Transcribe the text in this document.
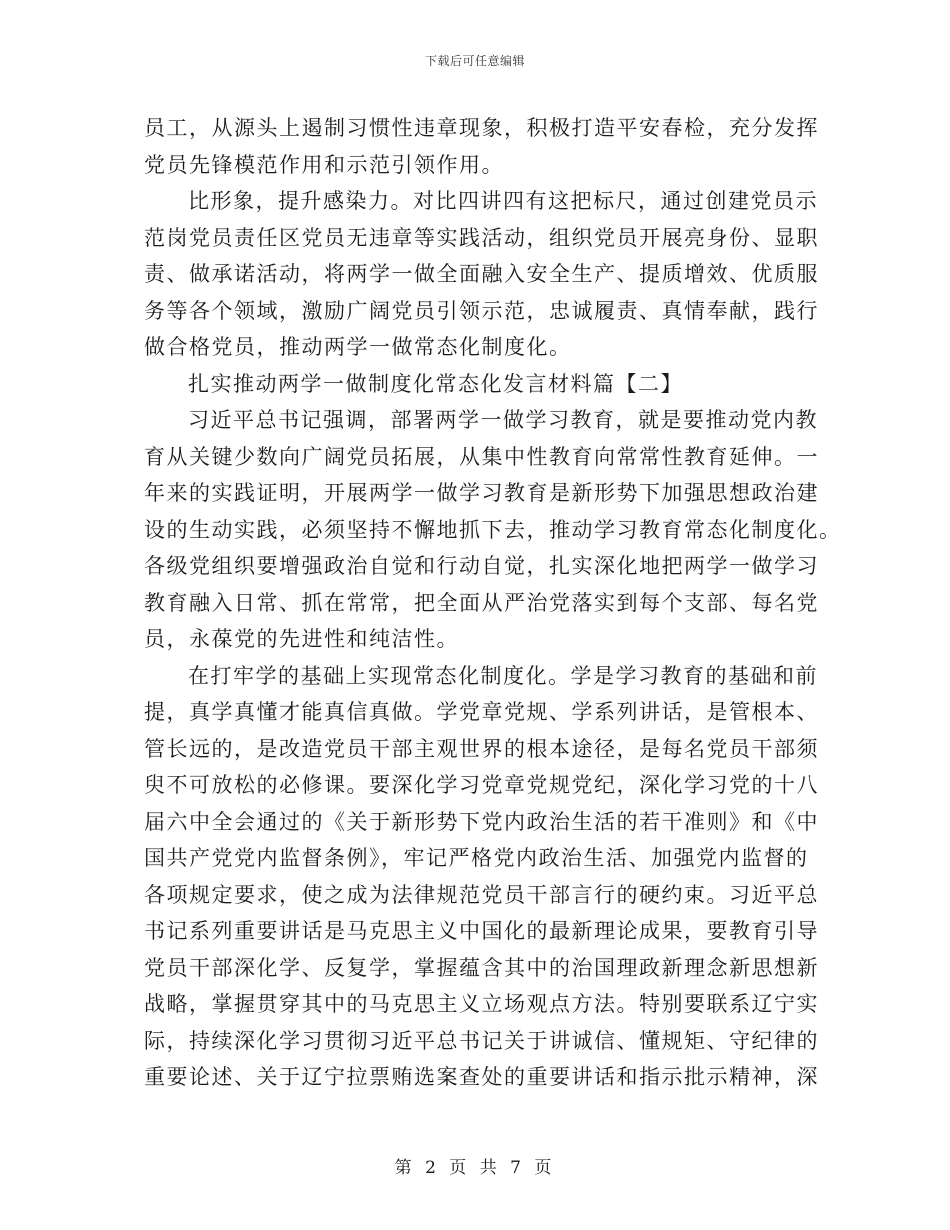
下载后可任意编辑
员工，从源头上遏制习惯性违章现象，积极打造平安春检，充分发挥
党员先锋模范作用和示范引领作用。
比形象，提升感染力。对比四讲四有这把标尺，通过创建党员示
范岗党员责任区党员无违章等实践活动，组织党员开展亮身份、显职
责、做承诺活动，将两学一做全面融入安全生产、提质增效、优质服
务等各个领域，激励广阔党员引领示范，忠诚履责、真情奉献，践行
做合格党员，推动两学一做常态化制度化。
扎实推动两学一做制度化常态化发言材料篇【二】
习近平总书记强调，部署两学一做学习教育，就是要推动党内教
育从关键少数向广阔党员拓展，从集中性教育向常常性教育延伸。一
年来的实践证明，开展两学一做学习教育是新形势下加强思想政治建
设的生动实践，必须坚持不懈地抓下去，推动学习教育常态化制度化。
各级党组织要增强政治自觉和行动自觉，扎实深化地把两学一做学习
教育融入日常、抓在常常，把全面从严治党落实到每个支部、每名党
员，永葆党的先进性和纯洁性。
在打牢学的基础上实现常态化制度化。学是学习教育的基础和前
提，真学真懂才能真信真做。学党章党规、学系列讲话，是管根本、
管长远的，是改造党员干部主观世界的根本途径，是每名党员干部须
臾不可放松的必修课。要深化学习党章党规党纪，深化学习党的十八
届六中全会通过的《关于新形势下党内政治生活的若干准则》和《中
国共产党党内监督条例》，牢记严格党内政治生活、加强党内监督的
各项规定要求，使之成为法律规范党员干部言行的硬约束。习近平总
书记系列重要讲话是马克思主义中国化的最新理论成果，要教育引导
党员干部深化学、反复学，掌握蕴含其中的治国理政新理念新思想新
战略，掌握贯穿其中的马克思主义立场观点方法。特别要联系辽宁实
际，持续深化学习贯彻习近平总书记关于讲诚信、懂规矩、守纪律的
重要论述、关于辽宁拉票贿选案查处的重要讲话和指示批示精神，深
第 2 页 共 7 页
